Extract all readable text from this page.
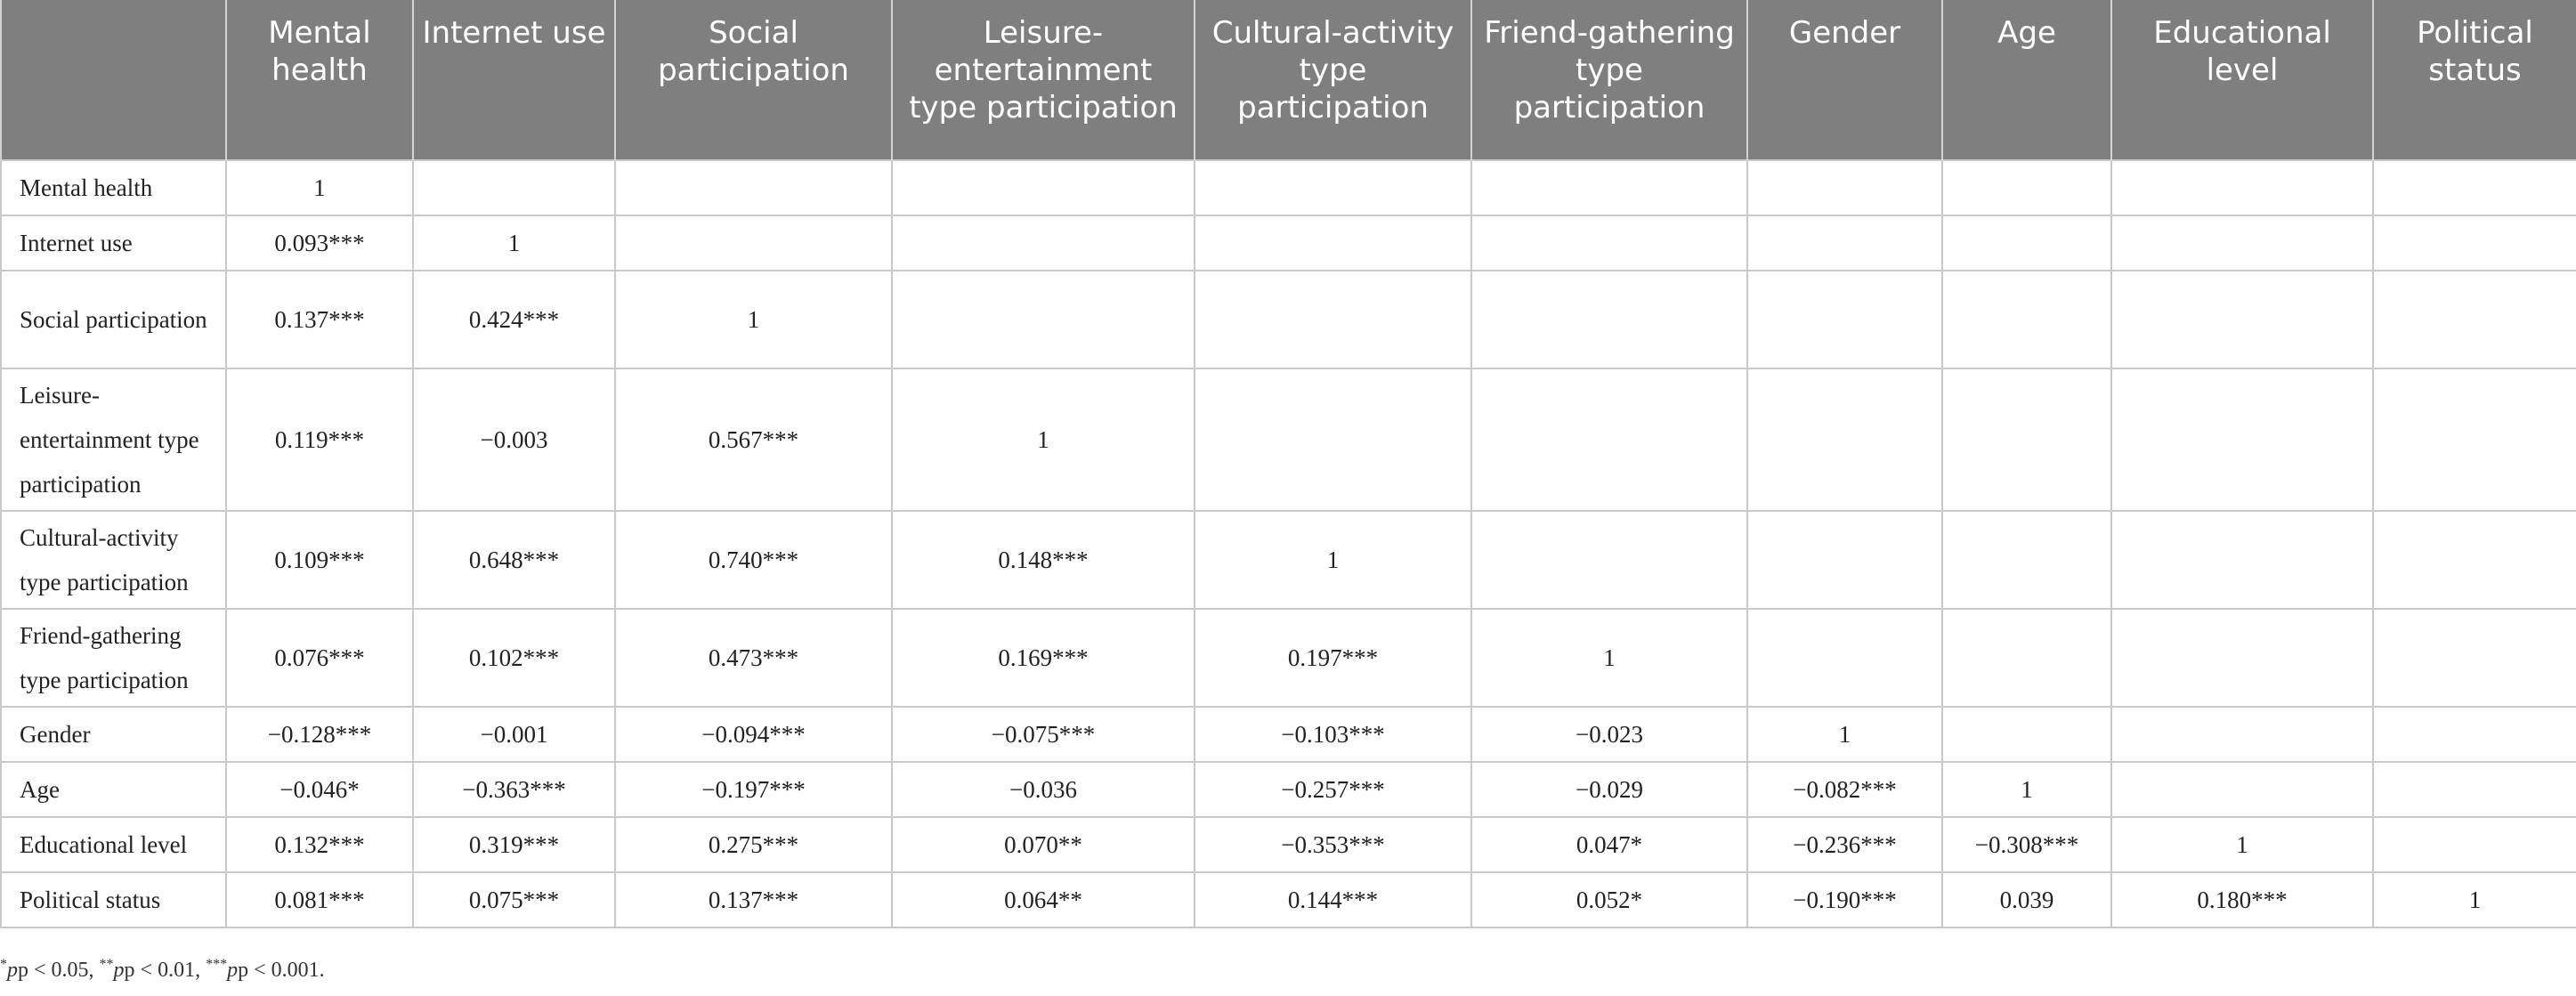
	Mental health	Internet use	Social participation	Leisure-entertainment type participation	Cultural-activity type participation	Friend-gathering type participation	Gender	Age	Educational level	Political status
Mental health	1									
Internet use	0.093***	1								
Social participation	0.137***	0.424***	1							
Leisure-entertainment type participation	0.119***	−0.003	0.567***	1						
Cultural-activity type participation	0.109***	0.648***	0.740***	0.148***	1					
Friend-gathering type participation	0.076***	0.102***	0.473***	0.169***	0.197***	1				
Gender	−0.128***	−0.001	−0.094***	−0.075***	−0.103***	−0.023	1			
Age	−0.046*	−0.363***	−0.197***	−0.036	−0.257***	−0.029	−0.082***	1		
Educational level	0.132***	0.319***	0.275***	0.070**	−0.353***	0.047*	−0.236***	−0.308***	1	
Political status	0.081***	0.075***	0.137***	0.064**	0.144***	0.052*	−0.190***	0.039	0.180***	1
*pp < 0.05, **pp < 0.01, ***pp < 0.001.
